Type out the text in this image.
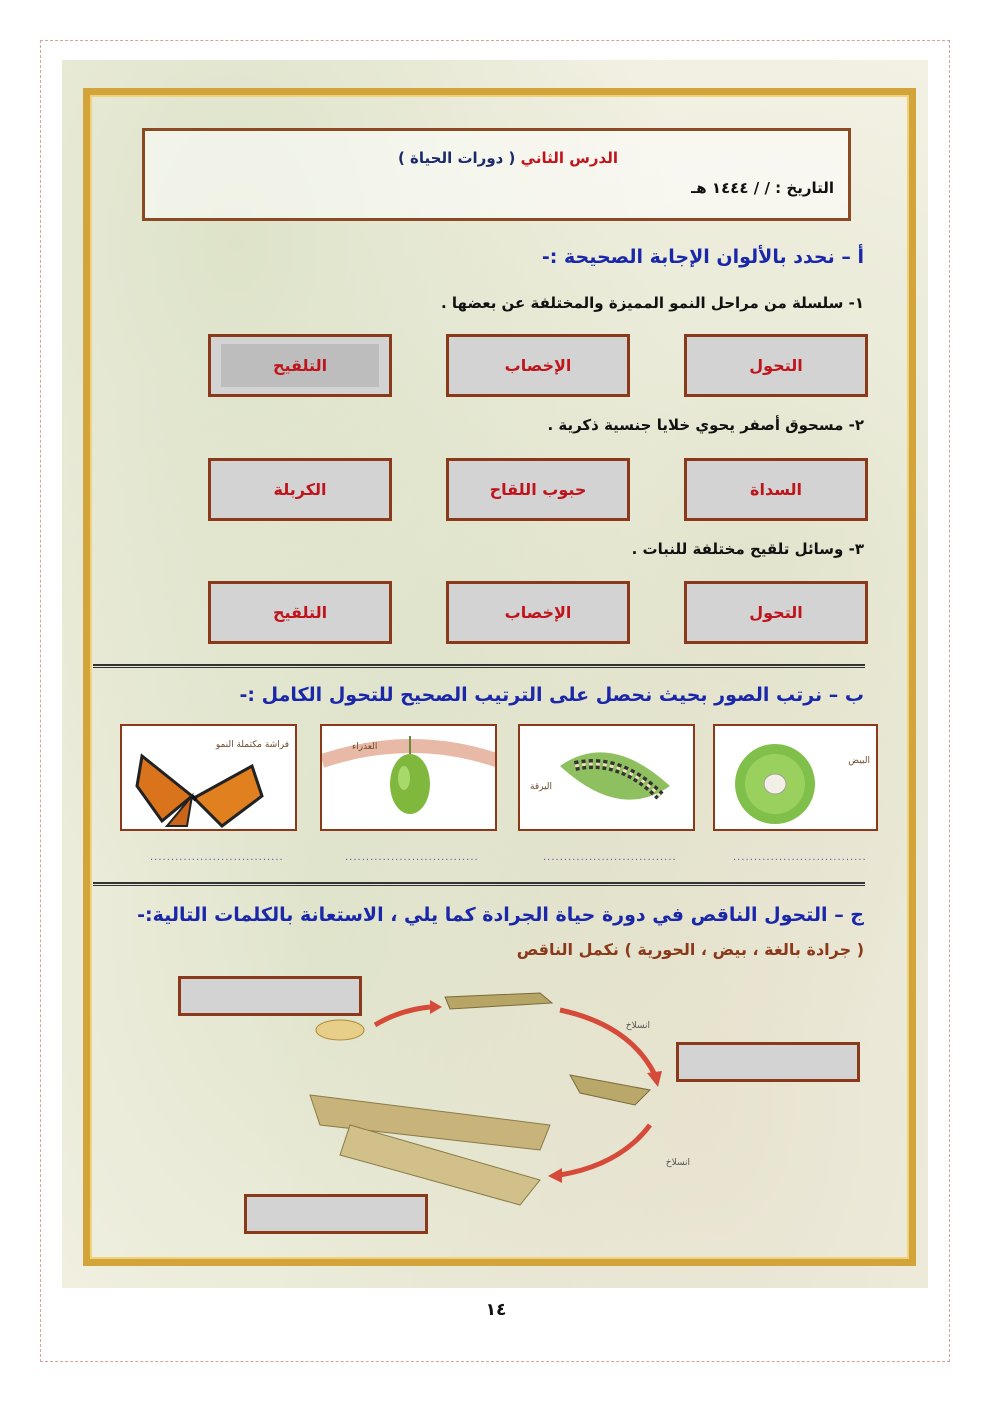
الدرس الثاني ( دورات الحياة )
التاريخ : / / ١٤٤٤ هـ
أ – نحدد بالألوان الإجابة الصحيحة :-
١- سلسلة من مراحل النمو المميزة والمختلفة عن بعضها .
التحول
الإخصاب
التلقيح
٢- مسحوق أصفر يحوي خلايا جنسية ذكرية .
السداة
حبوب اللقاح
الكربلة
٣- وسائل تلقيح مختلفة للنبات .
التحول
الإخصاب
التلقيح
ب – نرتب الصور بحيث نحصل على الترتيب الصحيح للتحول الكامل :-
البيض
اليرقة
العذراء
فراشة مكتملة النمو
................................
................................
................................
................................
ج – التحول الناقص في دورة حياة الجرادة كما يلي ، الاستعانة بالكلمات التالية:-
( جرادة بالغة ، بيض ، الحورية ) نكمل الناقص
انسلاخ
انسلاخ
١٤
